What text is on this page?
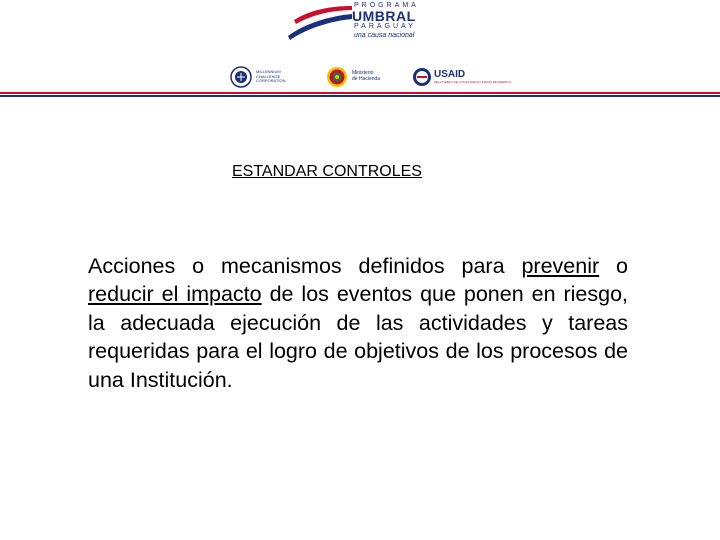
PROGRAMA
UMBRAL
PARAGUAY
una causa nacional
MILLENNIUM
CHALLENGE
CORPORATION
Ministerio
de Hacienda	USAID
DEL PUEBLO DE LOS ESTADOS UNIDOS DE AMERICA
ESTANDAR CONTROLES

Acciones o mecanismos definidos para prevenir o reducir el impacto de los eventos que ponen en riesgo, la adecuada ejecución de las actividades y tareas requeridas para el logro de objetivos de los procesos de una Institución.
